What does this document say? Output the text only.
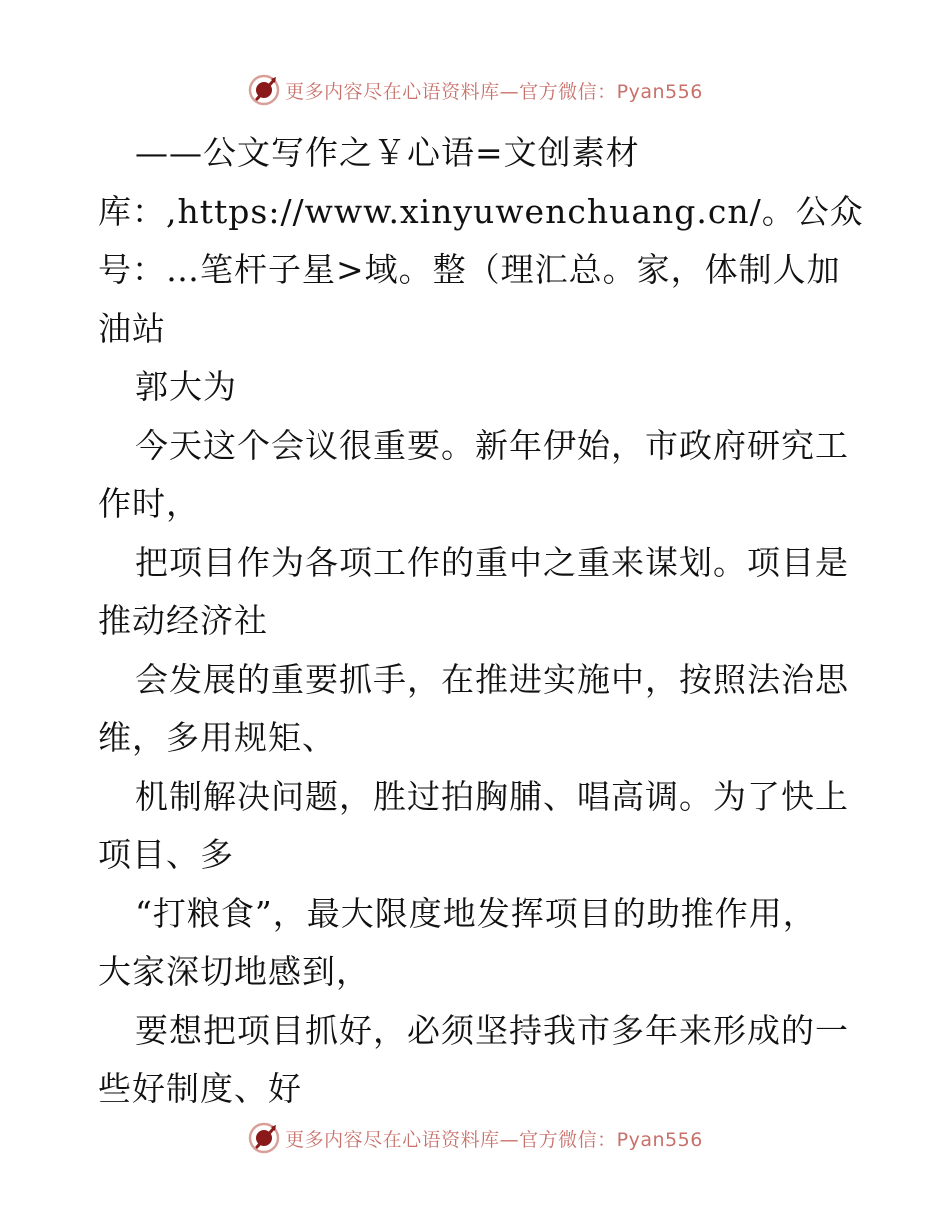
更多内容尽在心语资料库—官方微信：Pyan556
——公文写作之￥心语=文创素材
库：,https://www.xinyuwenchuang.cn/。公众
号：…笔杆子星>域。整（理汇总。家，体制人加
油站
郭大为
今天这个会议很重要。新年伊始，市政府研究工
作时，
把项目作为各项工作的重中之重来谋划。项目是
推动经济社
会发展的重要抓手，在推进实施中，按照法治思
维，多用规矩、
机制解决问题，胜过拍胸脯、唱高调。为了快上
项目、多
“打粮食”，最大限度地发挥项目的助推作用，
大家深切地感到，
要想把项目抓好，必须坚持我市多年来形成的一
些好制度、好
更多内容尽在心语资料库—官方微信：Pyan556
